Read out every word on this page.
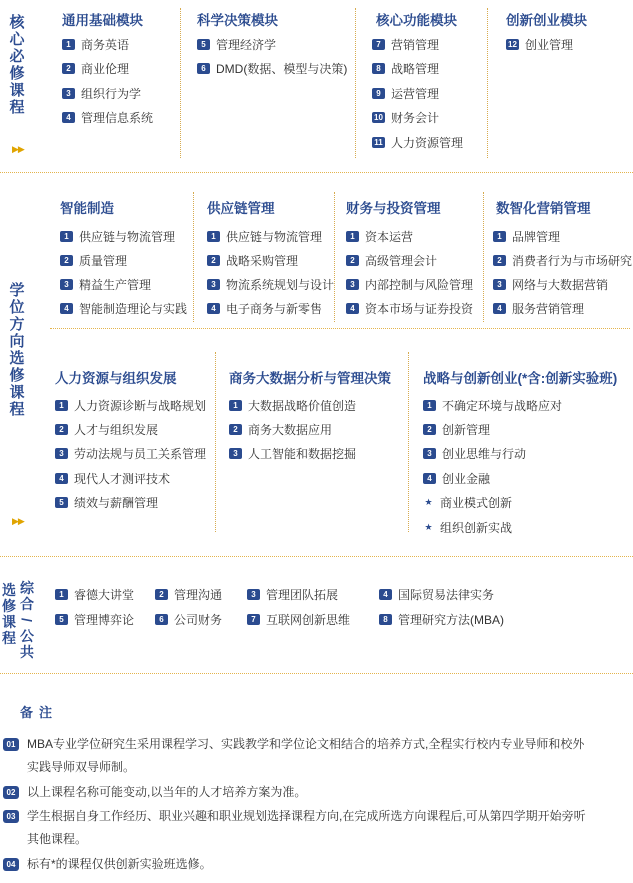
核
心
必
修
课
程
▶▶
学
位
方
向
选
修
课
程
▶▶
选
修
课
程
综
合
/
公
共
通用基础模块
1 商务英语
2 商业伦理
3 组织行为学
4 管理信息系统
科学决策模块
5 管理经济学
6 DMD(数据、模型与决策)
核心功能模块
7 营销管理
8 战略管理
9 运营管理
10 财务会计
11 人力资源管理
创新创业模块
12 创业管理
智能制造
1 供应链与物流管理
2 质量管理
3 精益生产管理
4 智能制造理论与实践
供应链管理
1 供应链与物流管理
2 战略采购管理
3 物流系统规划与设计
4 电子商务与新零售
财务与投资管理
1 资本运营
2 高级管理会计
3 内部控制与风险管理
4 资本市场与证券投资
数智化营销管理
1 品牌管理
2 消费者行为与市场研究
3 网络与大数据营销
4 服务营销管理
人力资源与组织发展
1 人力资源诊断与战略规划
2 人才与组织发展
3 劳动法规与员工关系管理
4 现代人才测评技术
5 绩效与薪酬管理
商务大数据分析与管理决策
1 大数据战略价值创造
2 商务大数据应用
3 人工智能和数据挖掘
战略与创新创业(*含:创新实验班)
1 不确定环境与战略应对
2 创新管理
3 创业思维与行动
4 创业金融
★ 商业模式创新
★ 组织创新实战
1 睿德大讲堂	2 管理沟通	3 管理团队拓展	4 国际贸易法律实务
5 管理博弈论	6 公司财务	7 互联网创新思维	8 管理研究方法(MBA)
备注
01 MBA专业学位研究生采用课程学习、实践教学和学位论文相结合的培养方式,全程实行校内专业导师和校外实践导师双导师制。
02 以上课程名称可能变动,以当年的人才培养方案为准。
03 学生根据自身工作经历、职业兴趣和职业规划选择课程方向,在完成所选方向课程后,可从第四学期开始旁听其他课程。
04 标有*的课程仅供创新实验班选修。
